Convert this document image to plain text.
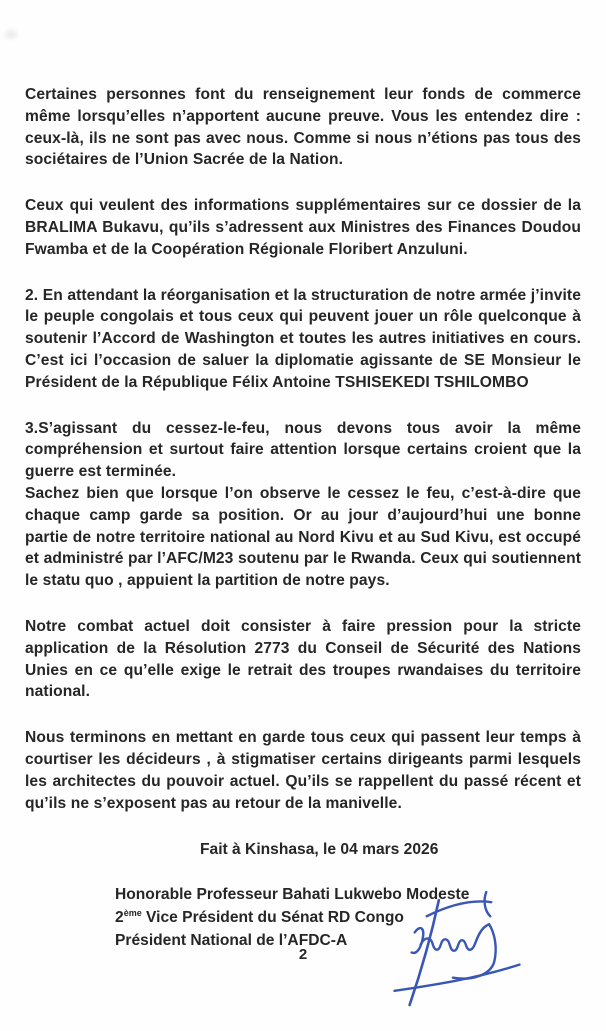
Certaines personnes font du renseignement leur fonds de commerce même lorsqu’elles n’apportent aucune preuve. Vous les entendez dire : ceux-là, ils ne sont pas avec nous. Comme si nous n’étions pas tous des sociétaires de l’Union Sacrée de la Nation.

Ceux qui veulent des informations supplémentaires sur ce dossier de la BRALIMA Bukavu, qu’ils s’adressent aux Ministres des Finances Doudou Fwamba et de la Coopération Régionale Floribert Anzuluni.

2. En attendant la réorganisation et la structuration de notre armée j’invite le peuple congolais et tous ceux qui peuvent jouer un rôle quelconque à soutenir l’Accord de Washington et toutes les autres initiatives en cours. C’est ici l’occasion de saluer la diplomatie agissante de SE Monsieur le Président de la République Félix Antoine TSHISEKEDI TSHILOMBO

3.S’agissant du cessez-le-feu, nous devons tous avoir la même compréhension et surtout faire attention lorsque certains croient que la guerre est terminée.

Sachez bien que lorsque l’on observe le cessez le feu, c’est-à-dire que chaque camp garde sa position. Or au jour d’aujourd’hui une bonne partie de notre territoire national au Nord Kivu et au Sud Kivu, est occupé et administré par l’AFC/M23 soutenu par le Rwanda. Ceux qui soutiennent le statu quo , appuient la partition de notre pays.

Notre combat actuel doit consister à faire pression pour la stricte application de la Résolution 2773 du Conseil de Sécurité des Nations Unies en ce qu’elle exige le retrait des troupes rwandaises du territoire national.

Nous terminons en mettant en garde tous ceux qui passent leur temps à courtiser les décideurs , à stigmatiser certains dirigeants parmi lesquels les architectes du pouvoir actuel. Qu’ils se rappellent du passé récent et qu’ils ne s’exposent pas au retour de la manivelle.

Fait à Kinshasa, le 04 mars 2026
Honorable Professeur Bahati Lukwebo Modeste
2ème Vice Président du Sénat RD Congo
Président National de l’AFDC-A
2
